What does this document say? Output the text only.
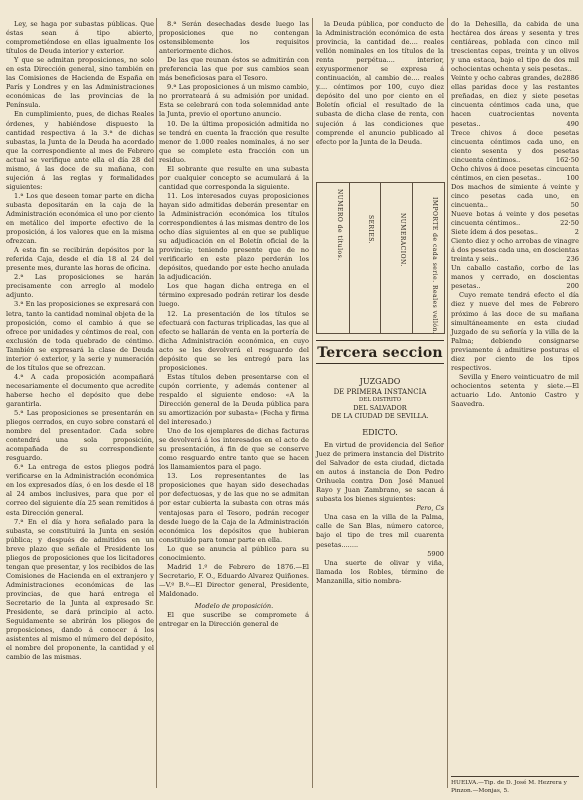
Ley, se haga por subastas públicas. Que éstas sean á tipo abierto, comprometiéndose en ellas igualmente los títulos de Deuda interior y exterior.

Y que se admitan proposiciones, no solo en esta Dirección general, sino también en las Comisiones de Hacienda de España en París y Londres y en las Administraciones económicas de las provincias de la Península.

En cumplimiento, pues, de dichas Reales órdenes, y habiéndose dispuesto la cantidad respectiva á la 3.ª de dichas subastas, la Junta de la Deuda ha acordado que la correspondiente al mes de Febrero actual se verifique ante ella el día 28 del mismo, á las doce de su mañana, con sujeción á las reglas y formalidades siguientes:

1.ª Los que deseen tomar parte en dicha subasta depositarán en la caja de la Administración económica el uno por ciento en metálico del importe efectivo de la proposición, á los valores que en la misma ofrezcan.

A esta fin se recibirán depósitos por la referida Caja, desde el día 18 al 24 del presente mes, durante las horas de oficina.

2.ª Las proposiciones se harán precisamente con arreglo al modelo adjunto.

3.ª En las proposiciones se expresará con letra, tanto la cantidad nominal objeta de la proposición, como el cambio á que se ofrece por unidades y céntimos de real, con exclusión de toda quebrado de céntimo. También se expresará la clase de Deuda interior ó exterior, y la serie y numeración de los títulos que se ofrezcan.

4.ª A cada proposición acompañará necesariamente el documento que acredite haberse hecho el depósito que debe garantirla.

5.ª Las proposiciones se presentarán en pliegos cerrados, en cuyo sobre constará el nombre del presentador. Cada sobre contendrá una sola proposición, acompañada de su correspondiente resguardo.

6.ª La entrega de estos pliegos podrá verificarse en la Administración económica en los expresados días, ó en los desde el 18 al 24 ambos inclusives, para que por el correo del siguiente día 25 sean remitidos á esta Dirección general.

7.ª En el día y hora señalado para la subasta, se constituirá la Junta en sesión pública; y después de admitidos en un breve plazo que señale el Presidente los pliegos de proposiciones que los licitadores tengan que presentar, y los recibidos de las Comisiones de Hacienda en el extranjero y Administraciones económicas de las provincias, de que hará entrega el Secretario de la Junta al expresado Sr. Presidente, se dará principio al acto. Seguidamente se abrirán los pliegos de proposiciones, dando á conocer á los asistentes al mismo el número del depósito, el nombre del proponente, la cantidad y el cambio de las mismas.

8.ª Serán desechadas desde luego las proposiciones que no contengan ostensiblemente los requisitos anteriormente dichos.

De las que reunan éstos se admitirán con preferencia las que por sus cambios sean más beneficiosas para el Tesoro.

9.ª Las proposiciones á un mismo cambio, no prorrateará á su admisión por unidad. Esta se celebrará con toda solemnidad ante la Junta, previo el oportuno anuncio.

10. De la última proposición admitida no se tendrá en cuenta la fracción que resulte menor de 1.000 reales nominales, á no ser que se complete esta fracción con un residuo.

El sobrante que resulte en una subasta por cualquier concepto se acumulará á la cantidad que corresponda la siguiente.

11. Los interesados cuyas proposiciones hayan sido admitidas deberán presentar en la Administración económica los títulos correspondientes á las mismas dentro de los ocho días siguientes al en que se publique su adjudicación en el Boletín oficial de la provincia; teniendo presente que de no verificarlo en este plazo perderán los depósitos, quedando por este hecho anulada la adjudicación.

Los que hagan dicha entrega en el término expresado podrán retirar los desde luego.

12. La presentación de los títulos se efectuará con facturas triplicadas, las que al efecto se hallarán de venta en la portería de dicha Administración económica, en cuyo acto se les devolverá el resguardo del depósito que se les entregó para las proposiciones.

Estas títulos deben presentarse con el cupón corriente, y además contener al respaldo el siguiente endoso: «A la Dirección general de la Deuda pública para su amortización por subasta» (Fecha y firma del interesado.)

Uno de los ejemplares de dichas facturas se devolverá á los interesados en el acto de su presentación, á fin de que se conserve como resguardo entre tanto que se hacen los llamamientos para el pago.

13. Los representantes de las proposiciones que hayan sido desechadas por defectuosas, y de las que no se admitan por estar cubierta la subasta con otras más ventajosas para el Tesoro, podrán recoger desde luego de la Caja de la Administración económica los depósitos que hubieran constituido para tomar parte en ella.

Lo que se anuncia al público para su conocimiento.

Madrid 1.º de Febrero de 1876.—El Secretario, F. O., Eduardo Alvarez Quiñones.—V.º B.º—El Director general, Presidente, Maldonado.

Modelo de proposición.

El que suscribe se compromete á entregar en la Dirección general de

la Deuda pública, por conducto de la Administración económica de esta provincia, la cantidad de.... reales vellón nominales en los títulos de la renta perpétua.... interior, exyuspormenor se expresa á continuación, al cambio de.... reales y.... céntimos por 100, cuyo diez depósito del uno por ciento en el Boletín oficial el resultado de la subasta de dicha clase de renta, con sujeción á las condiciones que comprende el anuncio publicado al efecto por la Junta de la Deuda.

NUMERO de títulos.	SERIES.	NUMERACION.	IMPORTE de cada serie. Reales vellón.
Tercera seccion
JUZGADO
DE PRIMERA INSTANCIA
DEL DISTRITO
DEL SALVADOR
DE LA CIUDAD DE SEVILLA.
EDICTO.

En virtud de providencia del Señor Juez de primera instancia del Distrito del Salvador de esta ciudad, dictada en autos á instancia de Don Pedro Orihuela contra Don José Manuel Rayo y Juan Zambrano, se sacan á subasta los bienes siguientes:

Pero, Cs

Una casa en la villa de la Palma, calle de San Blas, número catorce, bajo el tipo de tres mil cuarenta pesetas........

5900

Una suerte de olivar y viña, llamada los Robles, término de Manzanilla, sitio nombra-

do la Dehesilla, da cabida de una hectárea dos áreas y sesenta y tres centiáreas, poblada con cinco mil trescientas cepas, treinta y un olivos y una estaca, bajo el tipo de dos mil ochocientas ochenta y seis pesetas..
2886
Veinte y ocho cabras grandes, de ellas paridas doce y las restantes preñadas, en diez y siete pesetas cincuenta céntimos cada una, que hacen cuatrocientas noventa pesetas..	490
Trece chivos á doce pesetas cincuenta céntimos cada uno, en ciento sesenta y dos pesetas cincuenta céntimos..	162·50
Ocho chivos á doce pesetas cincuenta céntimos, en cien pesetas..	100
Dos machos de simiente á veinte y cinco pesetas cada uno, en cincuenta..	50
Nueve botas á veinte y dos pesetas cincuenta céntimos..	22·50
Siete ídem á dos pesetas..	2
Ciento diez y ocho arrobas de vinagre á dos pesetas cada una, en doscientas treinta y seis..	236
Un caballo castaño, corbo de las manos y cerrado, en doscientas pesetas..	200

Cuyo remate tendrá efecto el día diez y nueve del mes de Febrero próximo á las doce de su mañana simultáneamente en esta ciudad Juzgado de su señoría y la villa de la Palma; debiendo consignarse previamente á admitirse posturas el diez por ciento de los tipos respectivos.

Sevilla y Enero veinticuatro de mil ochocientos setenta y siete.—El actuario Ldo. Antonio Castro y Saavedra.

HUELVA.—Tip. de D. José M. Hezrera y Pinzon.—Monjas, 5.
